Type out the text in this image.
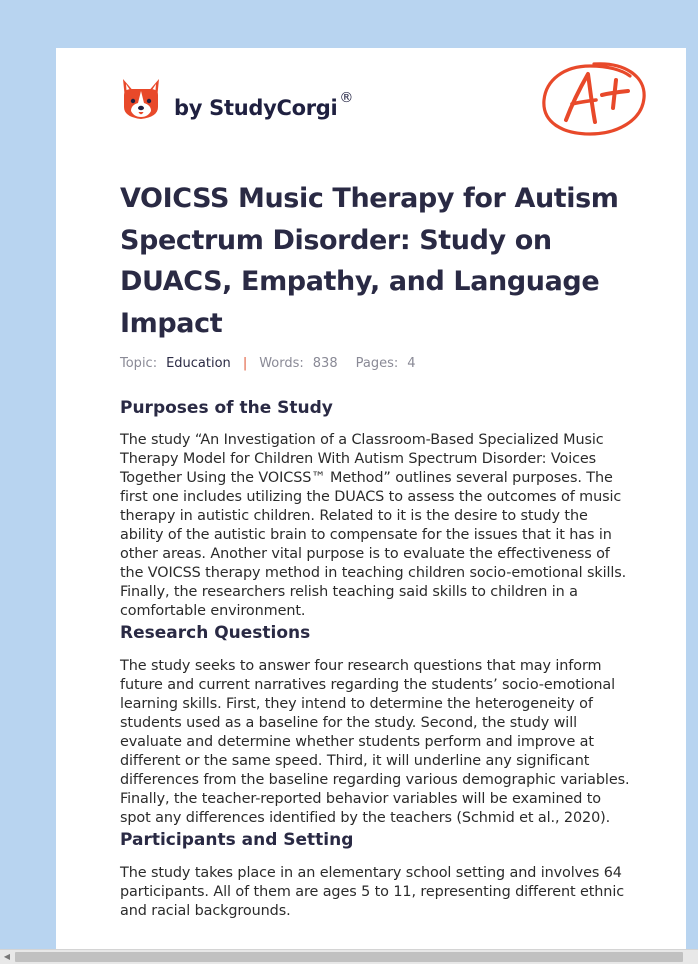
by StudyCorgi ®
VOICSS Music Therapy for Autism Spectrum Disorder: Study on DUACS, Empathy, and Language Impact
Topic: Education | Words: 838 Pages: 4
Purposes of the Study

The study “An Investigation of a Classroom-Based Specialized Music Therapy Model for Children With Autism Spectrum Disorder: Voices Together Using the VOICSS™ Method” outlines several purposes. The first one includes utilizing the DUACS to assess the outcomes of music therapy in autistic children. Related to it is the desire to study the ability of the autistic brain to compensate for the issues that it has in other areas. Another vital purpose is to evaluate the effectiveness of the VOICSS therapy method in teaching children socio-emotional skills. Finally, the researchers relish teaching said skills to children in a comfortable environment.

Research Questions

The study seeks to answer four research questions that may inform future and current narratives regarding the students’ socio-emotional learning skills. First, they intend to determine the heterogeneity of students used as a baseline for the study. Second, the study will evaluate and determine whether students perform and improve at different or the same speed. Third, it will underline any significant differences from the baseline regarding various demographic variables. Finally, the teacher-reported behavior variables will be examined to spot any differences identified by the teachers (Schmid et al., 2020).

Participants and Setting

The study takes place in an elementary school setting and involves 64 participants. All of them are ages 5 to 11, representing different ethnic and racial backgrounds.

◀
